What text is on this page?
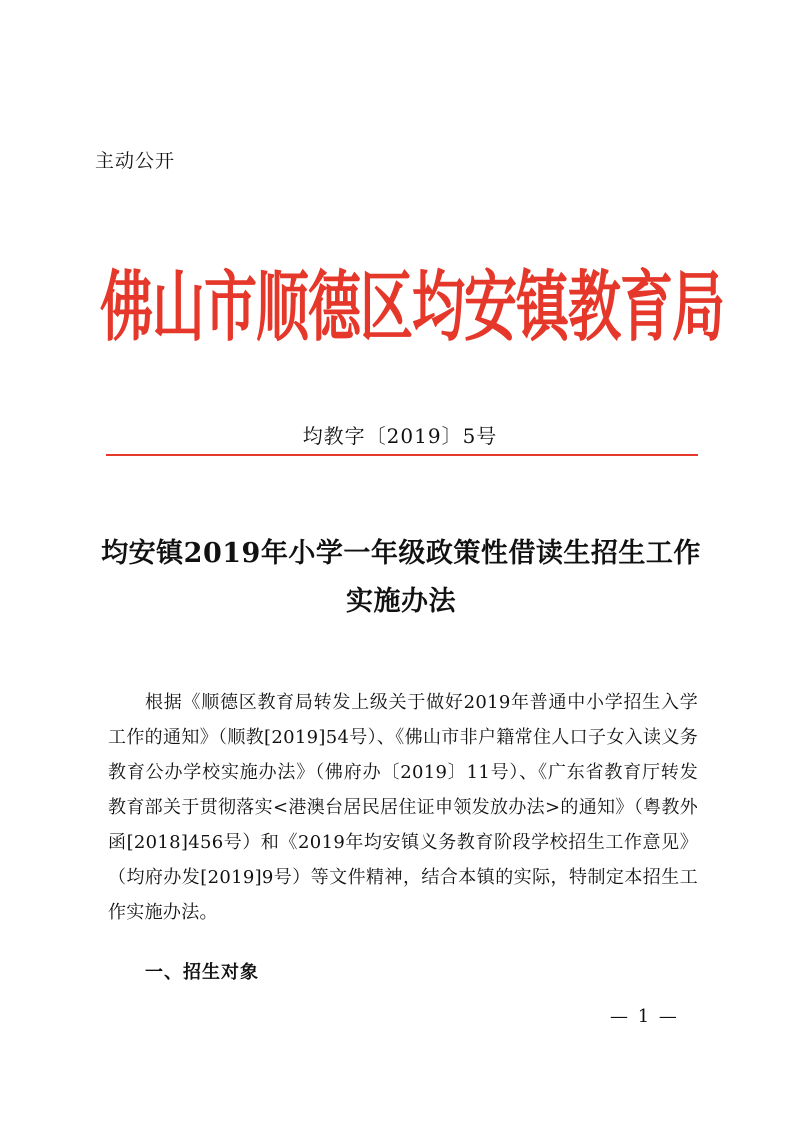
主动公开
佛山市顺德区均安镇教育局
均教字〔2019〕5号
均安镇2019年小学一年级政策性借读生招生工作实施办法
根据《顺德区教育局转发上级关于做好2019年普通中小学招生入学工作的通知》（顺教[2019]54号）、《佛山市非户籍常住人口子女入读义务教育公办学校实施办法》（佛府办〔2019〕11号）、《广东省教育厅转发教育部关于贯彻落实<港澳台居民居住证申领发放办法>的通知》（粤教外函[2018]456号）和《2019年均安镇义务教育阶段学校招生工作意见》（均府办发[2019]9号）等文件精神，结合本镇的实际，特制定本招生工作实施办法。
一、招生对象
— 1 —
